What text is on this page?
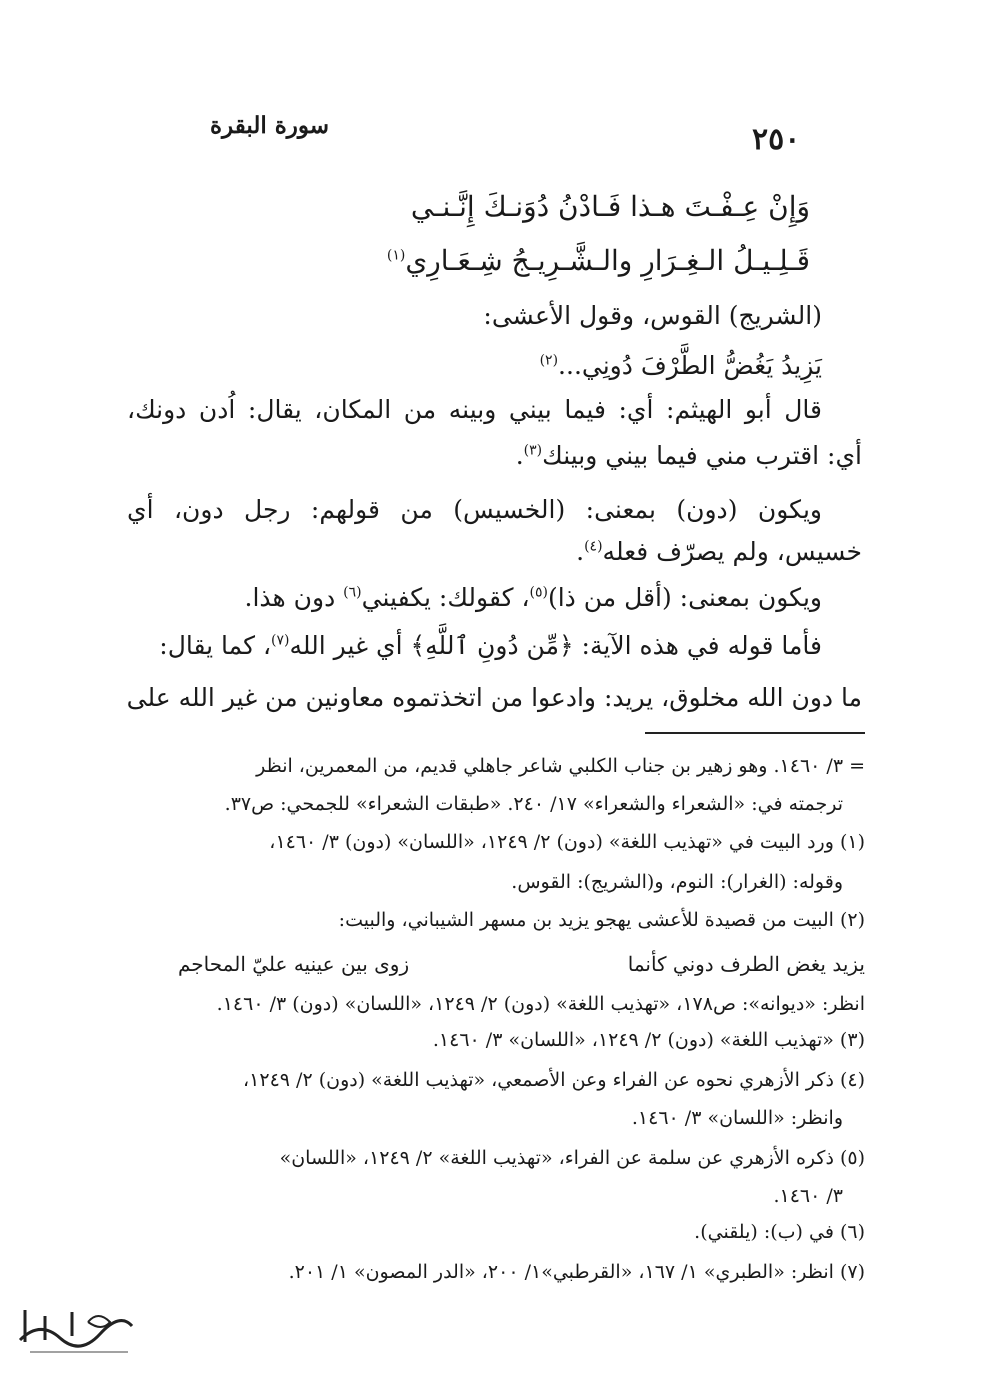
٢٥٠
سورة البقرة
وَإِنْ عِـفْـتَ هـذا فَـادْنُ دُوَنـكَ إِنَّـنـي
قَـلِـيـلُ الـغِـرَارِ والـشَّـرِيـجُ شِـعَـارِي$^{(١)}$
(الشريج) القوس، وقول الأعشى:
يَزِيدُ يَغُضُّ الطَّرْفَ دُونِي...$^{(٢)}$
قال أبو الهيثم: أي: فيما بيني وبينه من المكان، يقال: اُدن دونك،
أي: اقترب مني فيما بيني وبينك$^{(٣)}$.
ويكون (دون) بمعنى: (الخسيس) من قولهم: رجل دون، أي
خسيس، ولم يصرّف فعله$^{(٤)}$.
ويكون بمعنى: (أقل من ذا)$^{(٥)}$، كقولك: يكفيني$^{(٦)}$ دون هذا.
فأما قوله في هذه الآية: ﴿مِّن دُونِ ٱللَّهِ﴾ أي غير الله$^{(٧)}$، كما يقال:
ما دون الله مخلوق، يريد: وادعوا من اتخذتموه معاونين من غير الله على
= ٣/ ١٤٦٠. وهو زهير بن جناب الكلبي شاعر جاهلي قديم، من المعمرين، انظر
ترجمته في: «الشعراء والشعراء» ١٧/ ٢٤٠. «طبقات الشعراء» للجمحي: ص٣٧.
(١) ورد البيت في «تهذيب اللغة» (دون) ٢/ ١٢٤٩، «اللسان» (دون) ٣/ ١٤٦٠،
وقوله: (الغرار): النوم، و(الشريج): القوس.
(٢) البيت من قصيدة للأعشى يهجو يزيد بن مسهر الشيباني، والبيت:
يزيد يغض الطرف دوني كأنما
زوى بين عينيه عليّ المحاجم
انظر: «ديوانه»: ص١٧٨، «تهذيب اللغة» (دون) ٢/ ١٢٤٩، «اللسان» (دون) ٣/ ١٤٦٠.
(٣) «تهذيب اللغة» (دون) ٢/ ١٢٤٩، «اللسان» ٣/ ١٤٦٠.
(٤) ذكر الأزهري نحوه عن الفراء وعن الأصمعي، «تهذيب اللغة» (دون) ٢/ ١٢٤٩،
وانظر: «اللسان» ٣/ ١٤٦٠.
(٥) ذكره الأزهري عن سلمة عن الفراء، «تهذيب اللغة» ٢/ ١٢٤٩، «اللسان»
٣/ ١٤٦٠.
(٦) في (ب): (يلقني).
(٧) انظر: «الطبري» ١/ ١٦٧، «القرطبي»١/ ٢٠٠، «الدر المصون» ١/ ٢٠١.
